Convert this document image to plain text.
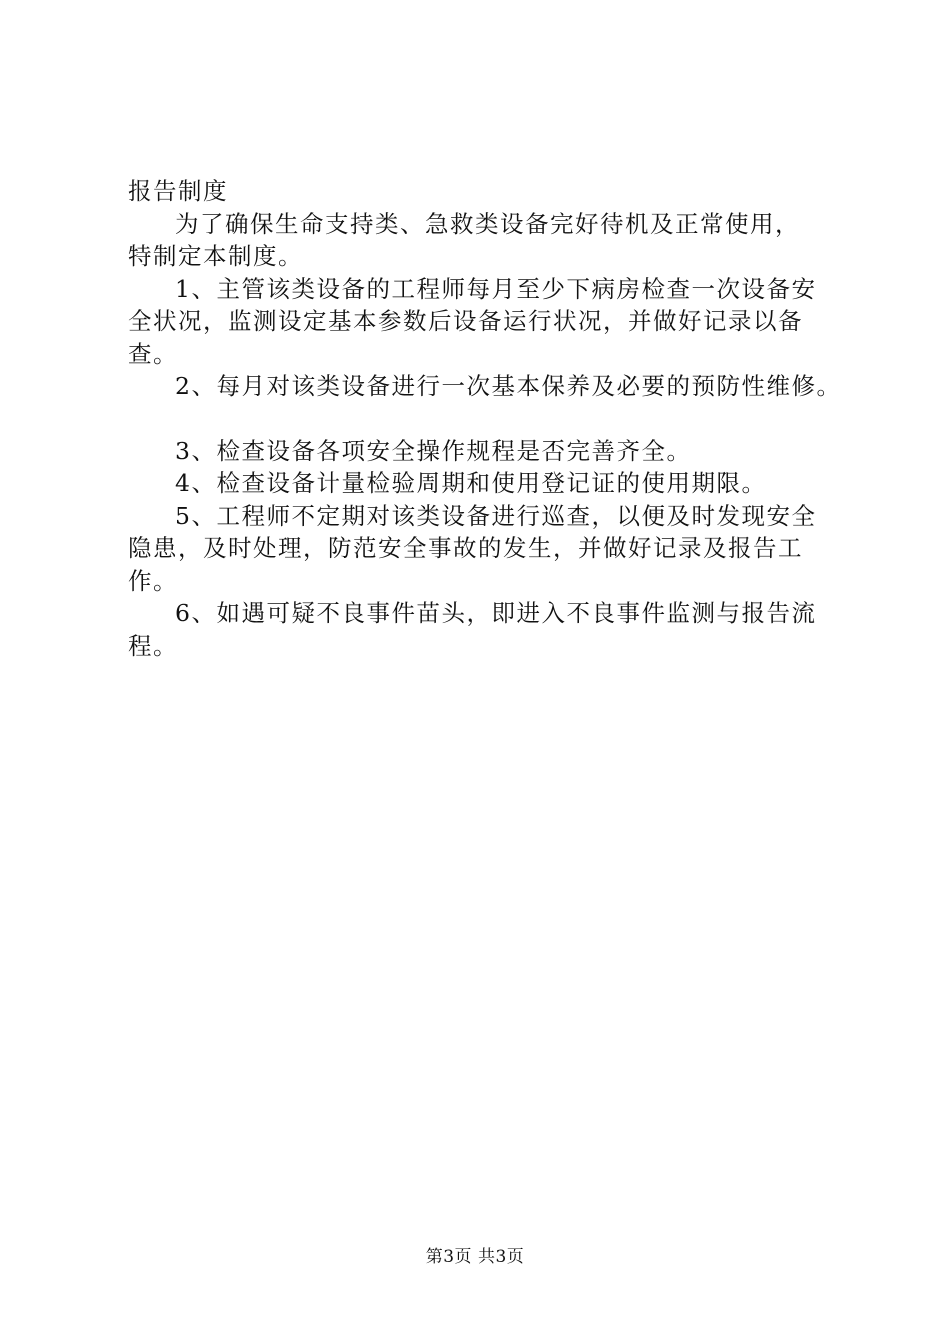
报告制度
为了确保生命支持类、急救类设备完好待机及正常使用，
特制定本制度。
1、主管该类设备的工程师每月至少下病房检查一次设备安
全状况，监测设定基本参数后设备运行状况，并做好记录以备
查。
2、每月对该类设备进行一次基本保养及必要的预防性维修。
3、检查设备各项安全操作规程是否完善齐全。
4、检查设备计量检验周期和使用登记证的使用期限。
5、工程师不定期对该类设备进行巡查，以便及时发现安全
隐患，及时处理，防范安全事故的发生，并做好记录及报告工
作。
6、如遇可疑不良事件苗头，即进入不良事件监测与报告流
程。
第3页 共3页
